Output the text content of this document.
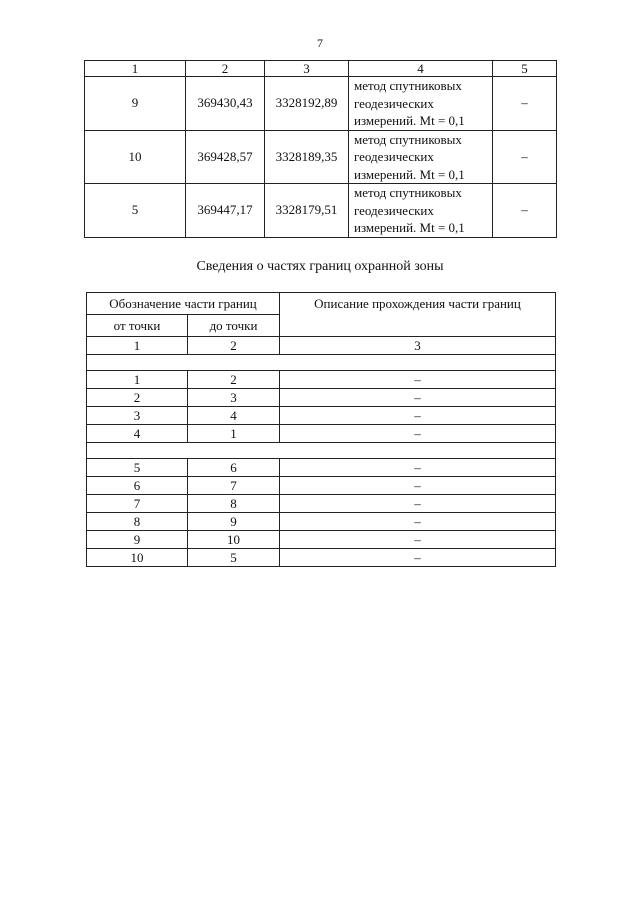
7
1	2	3	4	5
9	369430,43	3328192,89	метод спутниковых
геодезических
измерений. Mt = 0,1	–
10	369428,57	3328189,35	метод спутниковых
геодезических
измерений. Mt = 0,1	–
5	369447,17	3328179,51	метод спутниковых
геодезических
измерений. Mt = 0,1	–
Сведения о частях границ охранной зоны
Обозначение части границ		Описание прохождения части границ
от точки	до точки	
1	2	3

1	2	–
2	3	–
3	4	–
4	1	–

5	6	–
6	7	–
7	8	–
8	9	–
9	10	–
10	5	–
